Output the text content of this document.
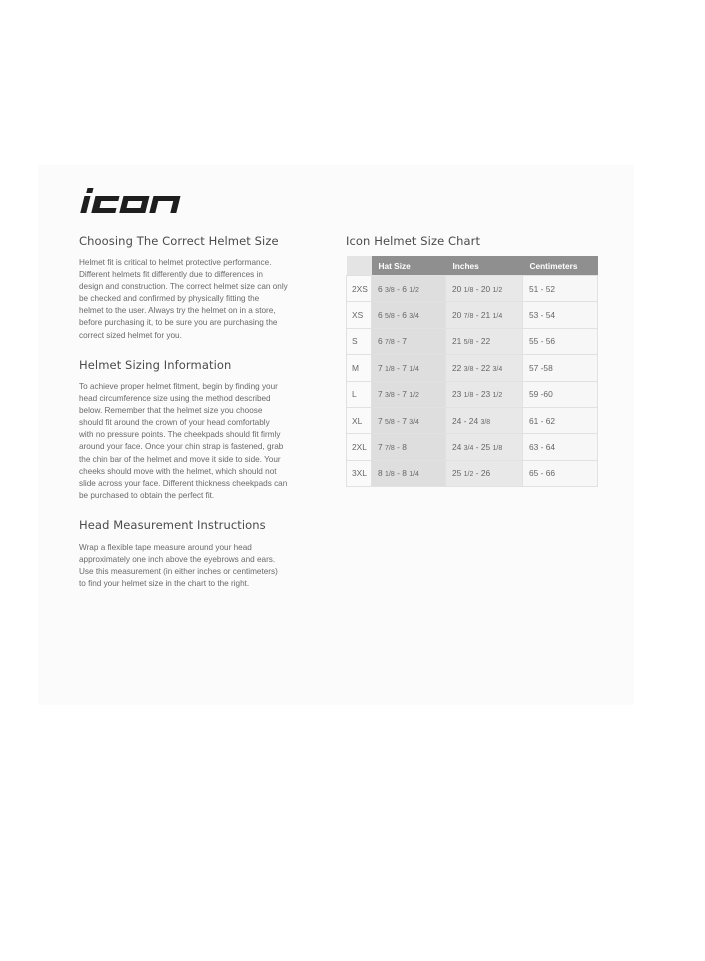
icon
Choosing The Correct Helmet Size
Helmet fit is critical to helmet protective performance.
Different helmets fit differently due to differences in
design and construction. The correct helmet size can only
be checked and confirmed by physically fitting the
helmet to the user. Always try the helmet on in a store,
before purchasing it, to be sure you are purchasing the
correct sized helmet for you.
Helmet Sizing Information
To achieve proper helmet fitment, begin by finding your
head circumference size using the method described
below. Remember that the helmet size you choose
should fit around the crown of your head comfortably
with no pressure points. The cheekpads should fit firmly
around your face. Once your chin strap is fastened, grab
the chin bar of the helmet and move it side to side. Your
cheeks should move with the helmet, which should not
slide across your face. Different thickness cheekpads can
be purchased to obtain the perfect fit.
Head Measurement Instructions
Wrap a flexible tape measure around your head
approximately one inch above the eyebrows and ears.
Use this measurement (in either inches or centimeters)
to find your helmet size in the chart to the right.
Icon Helmet Size Chart
	Hat Size	Inches	Centimeters
2XS	6 3/8 - 6 1/2	20 1/8 - 20 1/2	51 - 52
XS	6 5/8 - 6 3/4	20 7/8 - 21 1/4	53 - 54
S	6 7/8 - 7	21 5/8 - 22	55 - 56
M	7 1/8 - 7 1/4	22 3/8 - 22 3/4	57 -58
L	7 3/8 - 7 1/2	23 1/8 - 23 1/2	59 -60
XL	7 5/8 - 7 3/4	24 - 24 3/8	61 - 62
2XL	7 7/8 - 8	24 3/4 - 25 1/8	63 - 64
3XL	8 1/8 - 8 1/4	25 1/2 - 26	65 - 66
